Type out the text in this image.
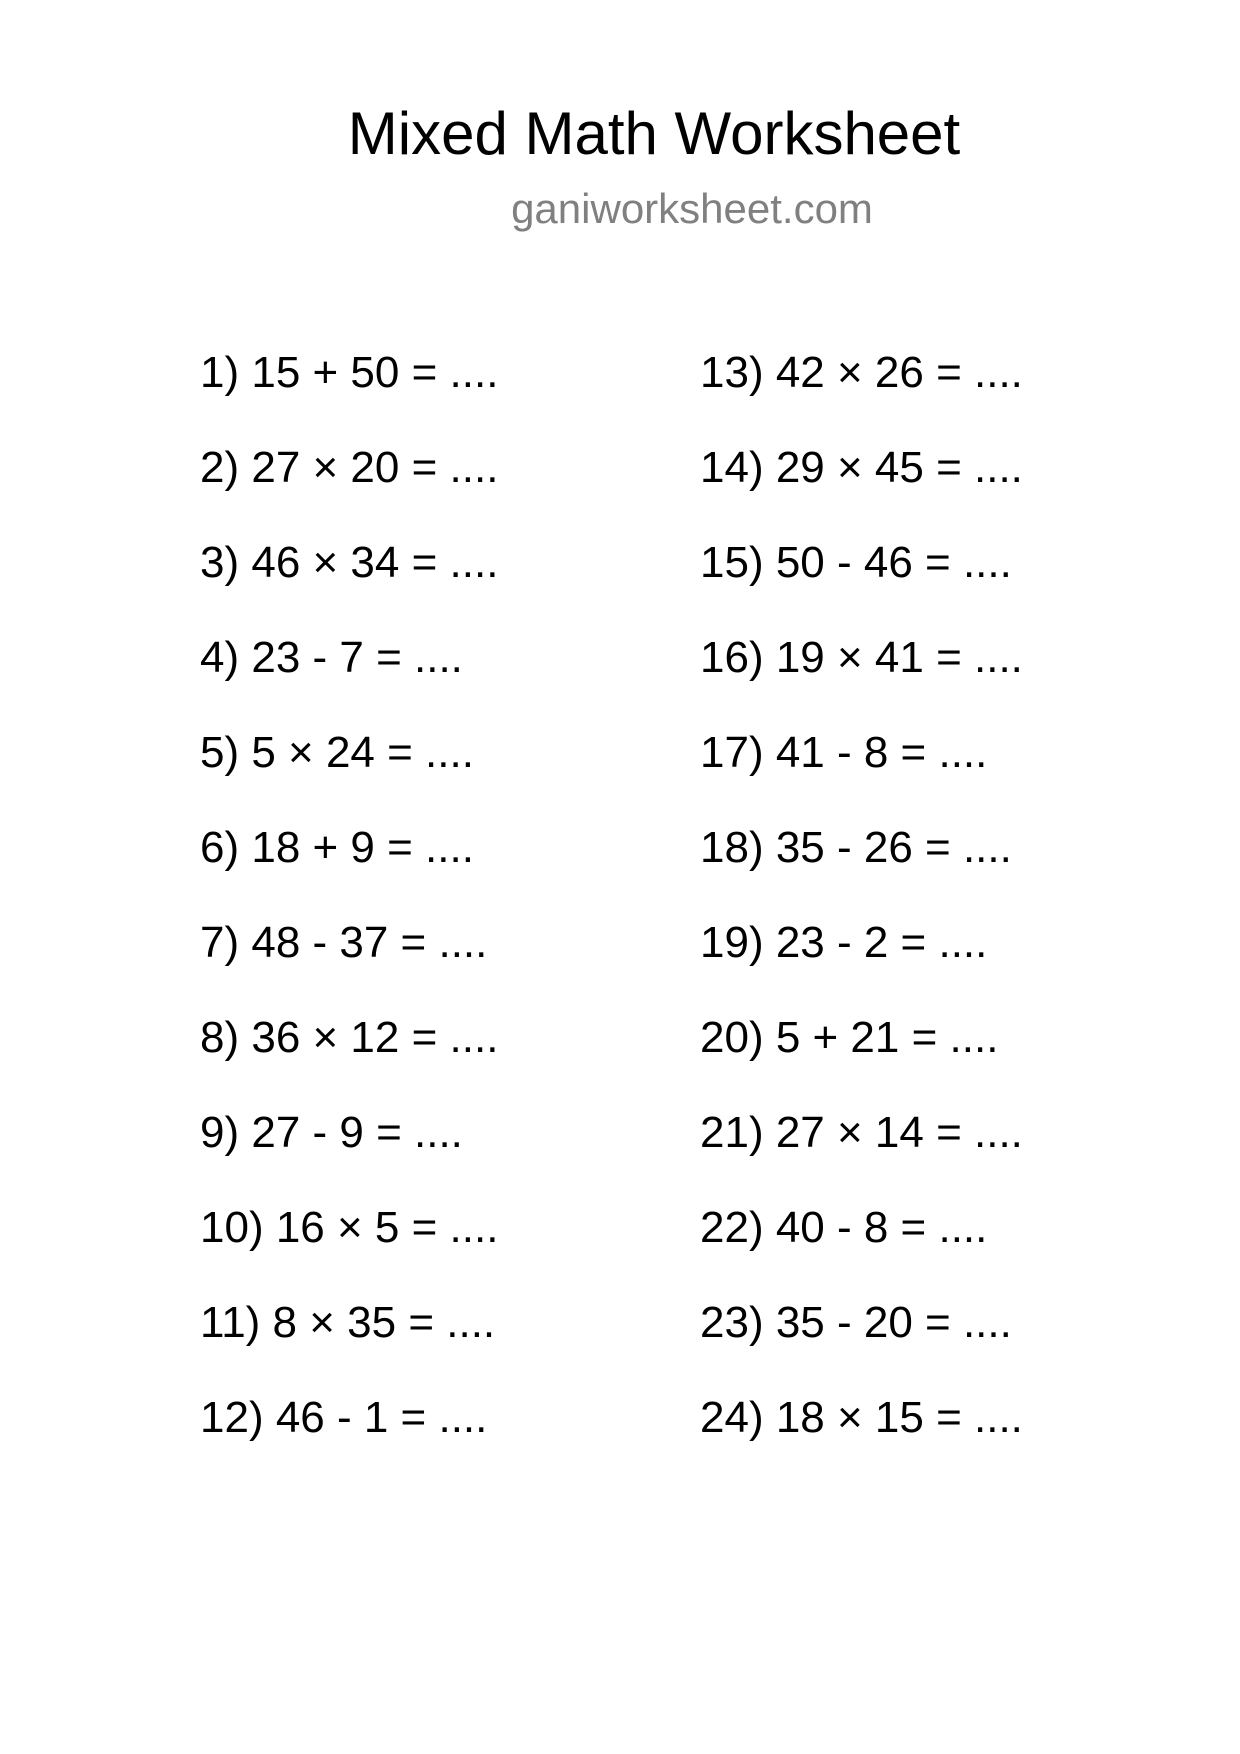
Mixed Math Worksheet
ganiworksheet.com
1) 15 + 50 = ....
2) 27 × 20 = ....
3) 46 × 34 = ....
4) 23 - 7 = ....
5) 5 × 24 = ....
6) 18 + 9 = ....
7) 48 - 37 = ....
8) 36 × 12 = ....
9) 27 - 9 = ....
10) 16 × 5 = ....
11) 8 × 35 = ....
12) 46 - 1 = ....
13) 42 × 26 = ....
14) 29 × 45 = ....
15) 50 - 46 = ....
16) 19 × 41 = ....
17) 41 - 8 = ....
18) 35 - 26 = ....
19) 23 - 2 = ....
20) 5 + 21 = ....
21) 27 × 14 = ....
22) 40 - 8 = ....
23) 35 - 20 = ....
24) 18 × 15 = ....
